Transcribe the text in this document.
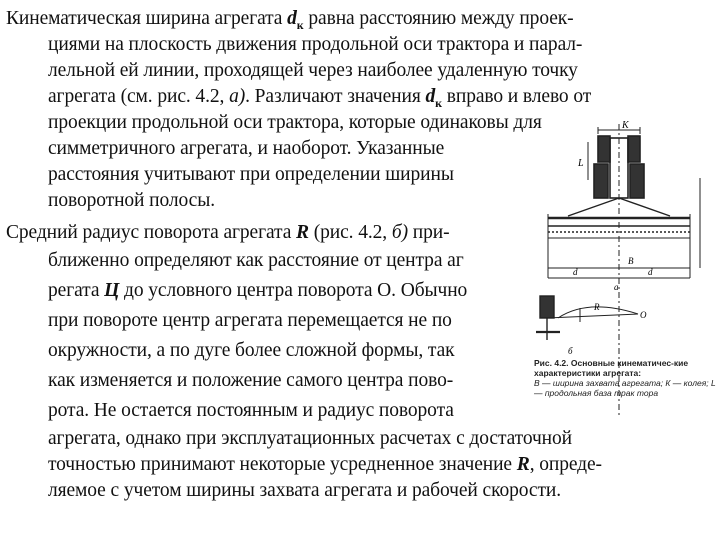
Кинематическая ширина агрегата $d_к$ равна расстоянию между проек-
циями на плоскость движения продольной оси трактора и парал-
лельной ей линии, проходящей через наиболее удаленную точку
агрегата (см. рис. 4.2, а). Различают значения $d_к$ вправо и влево от
проекции продольной оси трактора, которые одинаковы для
симметричного агрегата, и наоборот. Указанные
расстояния учитывают при определении ширины
поворотной полосы.
Средний радиус поворота агрегата R (рис. 4.2, б) при-
ближенно определяют как расстояние от центра аг
регата Ц до условного центра поворота О. Обычно
при повороте центр агрегата перемещается не по
окружности, а по дуге более сложной формы, так
как изменяется и положение самого центра пово-
рота. Не остается постоянным и радиус поворота
агрегата, однако при эксплуатационных расчетах с достаточной
точностью принимают некоторые усредненное значение R, опреде-
ляемое с учетом ширины захвата агрегата и рабочей скорости.
К
L
В
d	d
а
R
О
б
Рис. 4.2. Основные кинематичес-кие характеристики агрегата:
В — ширина захвата агрегата; К — колея; L — продольная база трак тора
